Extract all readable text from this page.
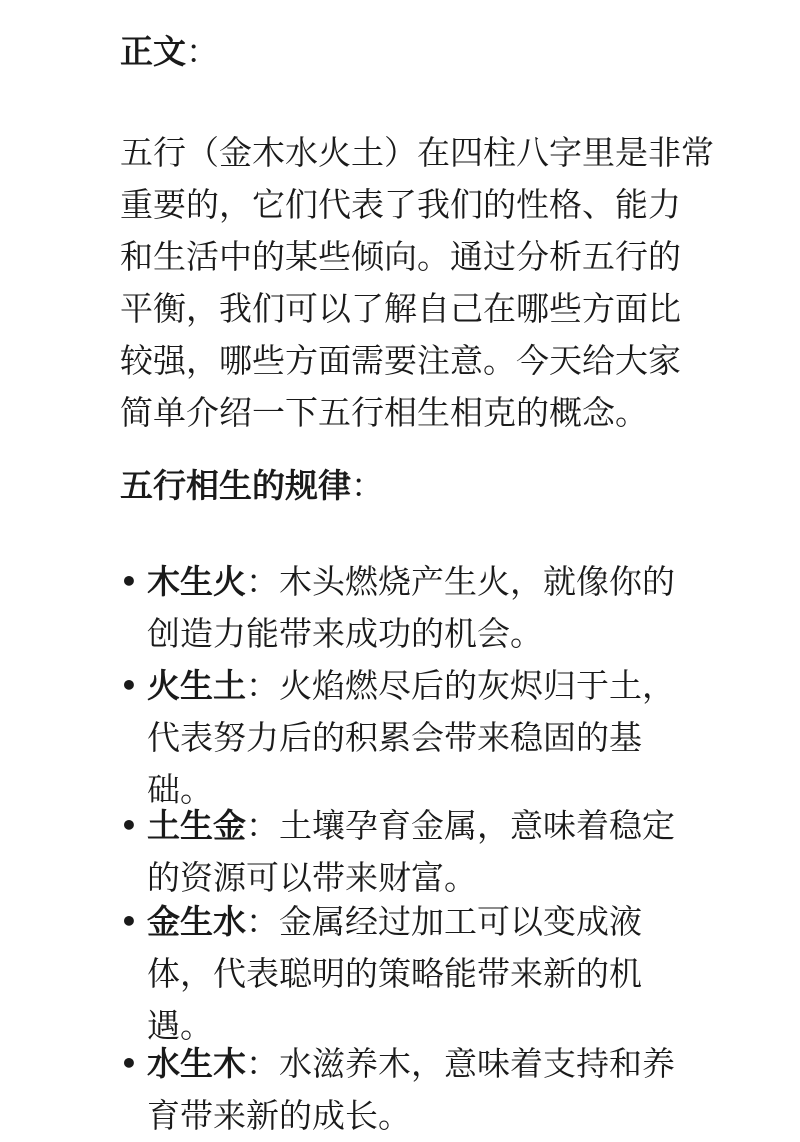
正文：
五行（金木水火土）在四柱八字里是非常
重要的，它们代表了我们的性格、能力
和生活中的某些倾向。通过分析五行的
平衡，我们可以了解自己在哪些方面比
较强，哪些方面需要注意。今天给大家
简单介绍一下五行相生相克的概念。
五行相生的规律：
• 木生火：木头燃烧产生火，就像你的
创造力能带来成功的机会。
• 火生土：火焰燃尽后的灰烬归于土，
代表努力后的积累会带来稳固的基
础。
• 土生金：土壤孕育金属，意味着稳定
的资源可以带来财富。
• 金生水：金属经过加工可以变成液
体，代表聪明的策略能带来新的机
遇。
• 水生木：水滋养木，意味着支持和养
育带来新的成长。
